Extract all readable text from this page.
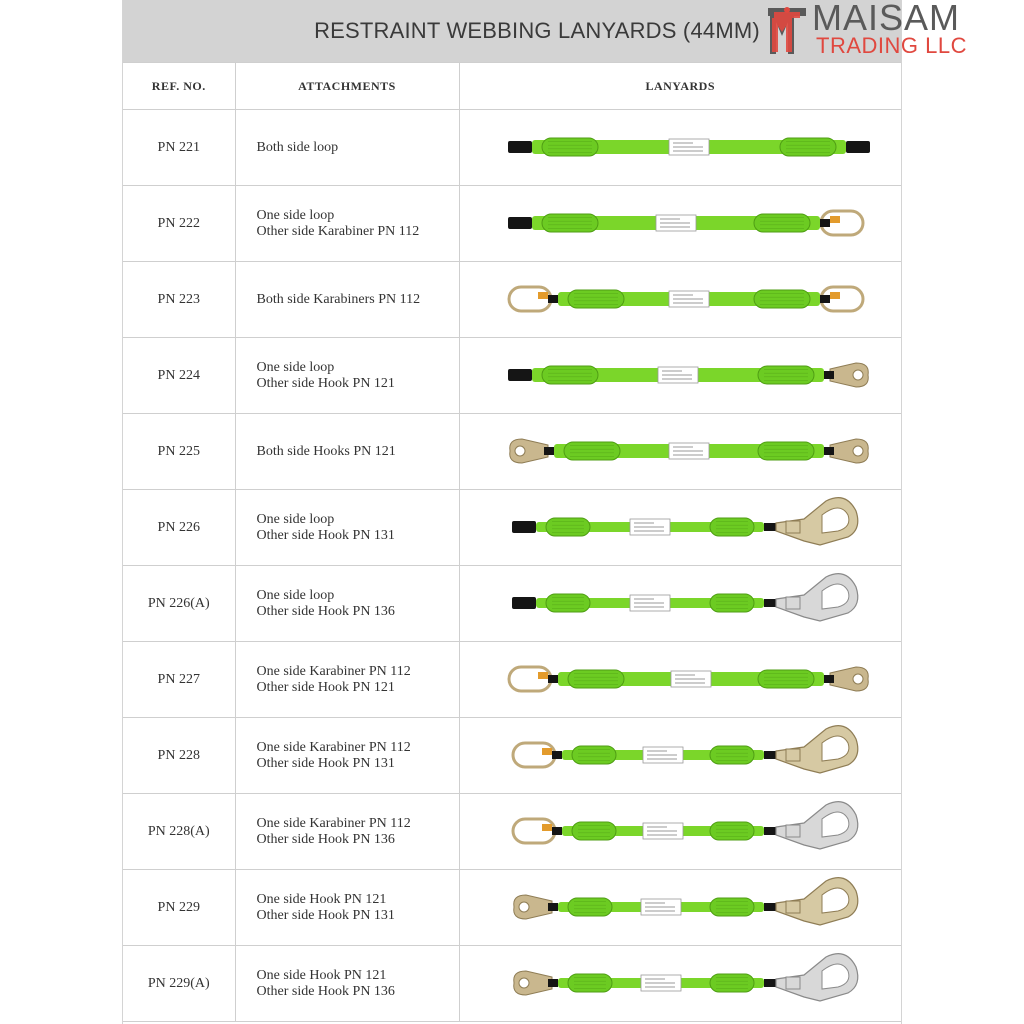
RESTRAINT WEBBING LANYARDS (44MM)
REF. NO.	ATTACHMENTS	LANYARDS
PN 221	Both side loop

PN 222	One side loop
Other side Karabiner PN 112

PN 223	Both side Karabiners PN 112

PN 224	One side loop
Other side Hook PN 121

PN 225	Both side Hooks PN 121

PN 226	One side loop
Other side Hook PN 131

PN 226(A)	One side loop
Other side Hook PN 136

PN 227	One side Karabiner PN 112
Other side Hook PN 121

PN 228	One side Karabiner PN 112
Other side Hook PN 131

PN 228(A)	One side Karabiner PN 112
Other side Hook PN 136

PN 229	One side Hook PN 121
Other side Hook PN 131

PN 229(A)	One side Hook PN 121
Other side Hook PN 136

MAISAM
TRADING LLC
